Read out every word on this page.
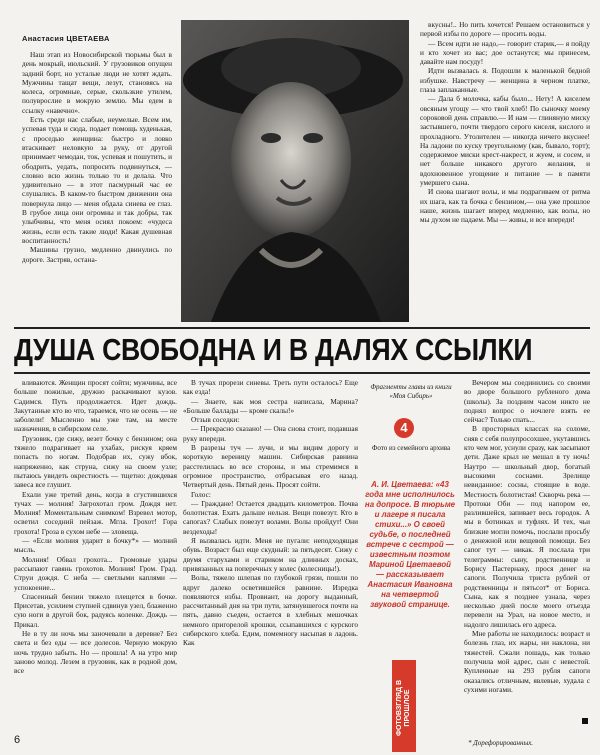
Анастасия ЦВЕТАЕВА

Наш этап из Новосибирской тюрьмы был в день мокрый, июльский. У грузовиков опущен задний борт, но усталые люди не хотят ждать. Мужчины тащат вещи, лезут, становясь на колеса, огромные, серые, скользкие утилем, полуврослие в мокрую землю. Мы едем в ссылку «навечно».

Есть среди нас слабые, неумелые. Всем им, успевая туда и сюда, подает помощь худенькая, с проседью женщина: быстро и ловко втаскивает неловкую за руку, от другой принимает чемодан, ток, успевая и пошутить, и ободрить, уедать, попросить подвинуться, — словно всю жизнь только то и делала. Что удивительно — в этот пасмурный час ее слушались. В каком-то быстром движении она повернула лицо — меня обдала синева ее глаз. В грубое лица они огромны и так добры, так улыбчивы, что меня осиял покоем: «чудеса жизнь, если есть такие люди! Какая душевная воспитанность!

Машины грузно, медленно двинулись по дороге. Застряв, остана-

вкусны!.. Но пить хочется! Решаем остановиться у первой избы по дороге — просить воды.

— Всем идти не надо,— говорит старик,— я пойду и кто хочет из вас; дое останутся; мы принесем, давайте нам посуду!

Идти вызвалась я. Подошли к маленькой бедной избушке. Навстречу — женщина в черном платке, глаза заплаканные.

— Дала б молочка, кабы было... Нету! А киселем овсяным угощу — что твой хлеб! По сыночку моему сороковой день справлю.— И нам — глиняную миску застывшего, почти твердого серого киселя, кислого и прохладного. Утолителен — никогда ничего вкуснее! На ладони по куску треугольному (как, бывало, торт); содержимое миски крест-накрест, и жуем, и сосем, и нет больше никакого другого желания, и вдохновенное угощение и питание — в памяти умершего сына.

И снова шагают волы, и мы подрагиваем от ритма их шага, как та бочка с бензином,— она уже прошлое наше, жизнь шагает вперед медленно, как волы, но мы духом не падаем. Мы — живы, и все впереди!

ДУША СВОБОДНА И В ДАЛЯХ ССЫЛКИ

вливаются. Женщин просят сойти; мужчины, все больше пожилые, дружно раскачивают кузов. Садимся. Путь продолжается. Идет дождь. Закутанные кто во что, тараемся, что не осень — не заболели! Мысленно мы уже там, на месте назначения, в сибирском селе.

Грузовик, где сижу, везет бочку с бензином; она тяжело подрагивает на ухабах, рискуя кряем попасть по ногам. Подобрав их, сужу вбок, напряженно, как струна, сижу на своем узле; пытаюсь увидеть окрестность — тщетно: дождевая завеса все глушит.

Ехали уже третий день, когда в сгустившихся тучах — молния! Загрохотал гром. Дождя нет. Молния! Моментальным снимком! Взревел мотор, осветил соседний пейзаж. Мгла. Грохот! Гора грохота! Гроза в сухом небе — зловеща.

— «Если молния ударит в бочку*» — молний мысль.

Молния! Обвал грохота... Громовые удары рассыпают гавянь грохотов. Молния! Гром. Град. Струи дождя. С неба — светлыми каплями — успокоение...

Спасенный бензин тяжело плещется в бочке. Присетав, усилием ступней сдвинув узел, блаженно сую ноги в другой бок, радуясь коленке. Дождь — Прикал.

Не в ту ли ночь мы заночевали в деревне? Без света и без еды — все долесов. Черную мокрую ночь трудно забыть. Но — прошла! А на утро мир заново молод. Лезем в грузовик, как в родной дом, все

В тучах прорези синевы. Треть пути осталось? Еще как езда!

— Знаете, как моя сестра написала, Марина? «Больше баллады — кроме скалы!»

Отзыв соседки:

— Прекрасно сказано! — Она снова стоит, подавшая руку впереди.

В разрезы туч — лучи, и мы видим дорогу и короткую вереницу машин. Сибирская равнина расстелилась во все стороны, и мы стремимся в огромное пространство, отбрасывая его назад. Четвертый день. Пятый день. Просят сойти.

Голос:

— Граждане! Остается двадцать километров. Почва болотистая. Ехать дальше нельзя. Вещи повезут. Кто в сапогах? Слабых повезут волами. Волы пройдут! Они вездеходы!

Я вызвалась идти. Меня не пугали: неподходящая обувь. Возраст был еще скудный: за пятьдесят. Сижу с двумя старухами и стариком на длинных досках, привязанных на поперечных у колес (колесницы!).

Волы, тяжело шлепая по глубокой грязи, пошли по вдруг далеко осветившейся равнине. Изредка появляются избы. Провиант, на дорогу выданный, рассчитанный дня на три пути, затянувшегося почти на пять, давно съеден, остается в хлебных мешочках немного пригорелой крошки, ссыпавшихся с курского сибирского хлеба. Едим, помемногу насыпая в ладонь. Как

Фрагменты главы из книги «Моя Сибирь»
4
Фото из семейного архива
А. И. Цветаева: «43 года мне исполнилось на допросе. В тюрьме и лагере я писала стихи...» О своей судьбе, о последней встрече с сестрой — известным поэтом Мариной Цветаевой — рассказывает Анастасия Ивановна на четвертой звуковой странице.
ФОТОВЗГЛЯД В ПРОШЛОЕ

Вечером мы соединились со своими во дворе большого рубленого дома (школы). За поздним часом никто не поднял вопрос о ночлеге взять ее сейчас? Только спать...

В просторных классах на соломе, сняв с себя полупросохшее, укутавшись кто чем мог, уснули сразу, как засыпают дети. Даже крыл не мешал в ту ночь! Наутро — школьный двор, богатый высокими соснами. Зрелище невиданное: сосны, стоящие в воде. Местность болотистая! Скворчь река — Протоки Оби — под напором ее, разлившейся, запивает весь городок. А мы в ботинках и туфлях. И тех, чьи близкие могли помочь, послали просьбу о денежной или вещевой помощи. Без сапог тут — никак. Я послала три телеграммы: сыну, родственнице и Борису Пастернаку, прося денег на сапоги. Получила триста рублей от родственницы и пятьсот* от Бориса. Сына, как я позднее узнала, через несколько дней после моего отъезда перевели на Урал, на новое место, и надолго лишилась его адреса.

Мне работы не находилось: возраст и болезнь глаз, их жары, ни наклона, ни тяжестей. Сжали пошадь, как только получила мой адрес, сын с невестой. Купленные на 293 рубля сапоги оказались отличным, явлевые, худала с сухими ногами.

* Дорефорированных.
6
